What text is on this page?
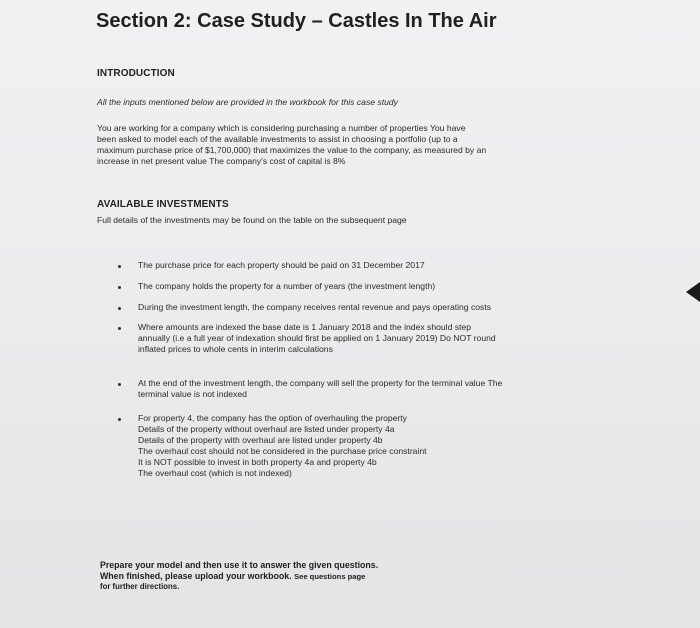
Section 2: Case Study – Castles In The Air
INTRODUCTION
All the inputs mentioned below are provided in the workbook for this case study
You are working for a company which is considering purchasing a number of properties You have
been asked to model each of the available investments to assist in choosing a portfolio (up to a
maximum purchase price of $1,700,000) that maximizes the value to the company, as measured by an
increase in net present value The company's cost of capital is 8%
AVAILABLE INVESTMENTS
Full details of the investments may be found on the table on the subsequent page
The purchase price for each property should be paid on 31 December 2017
The company holds the property for a number of years (the investment length)
During the investment length, the company receives rental revenue and pays operating costs
Where amounts are indexed the base date is 1 January 2018 and the index should step
annually (i.e a full year of indexation should first be applied on 1 January 2019) Do NOT round
inflated prices to whole cents in interim calculations
At the end of the investment length, the company will sell the property for the terminal value The
terminal value is not indexed
For property 4, the company has the option of overhauling the property
Details of the property without overhaul are listed under property 4a
Details of the property with overhaul are listed under property 4b
The overhaul cost should not be considered in the purchase price constraint
It is NOT possible to invest in both property 4a and property 4b
The overhaul cost (which is not indexed)
Prepare your model and then use it to answer the given questions.
When finished, please upload your workbook. See questions page
for further directions.
